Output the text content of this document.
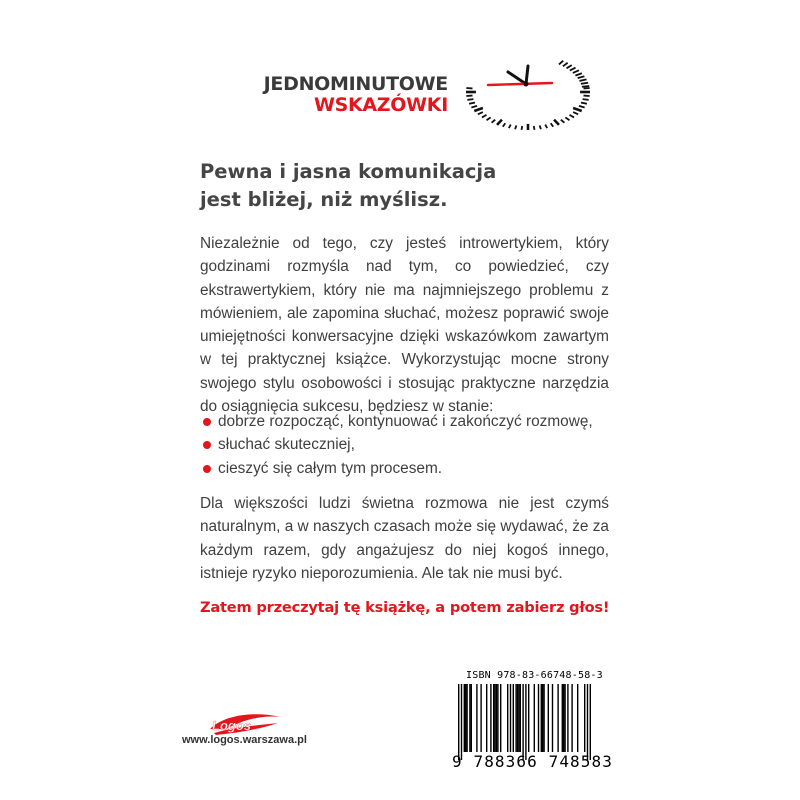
JEDNOMINUTOWE
WSKAZÓWKI
Pewna i jasna komunikacja
jest bliżej, niż myślisz.

Niezależnie od tego, czy jesteś introwertykiem, który godzinami rozmyśla nad tym, co powiedzieć, czy ekstrawertykiem, który nie ma najmniejszego problemu z mówieniem, ale zapomina słuchać, możesz poprawić swoje umiejętności konwersacyjne dzięki wskazówkom zawartym w tej praktycznej książce. Wykorzystując mocne strony swojego stylu osobowości i stosując praktyczne narzędzia do osiągnięcia sukcesu, będziesz w stanie:

dobrze rozpocząć, kontynuować i zakończyć rozmowę,
słuchać skuteczniej,
cieszyć się całym tym procesem.

Dla większości ludzi świetna rozmowa nie jest czymś naturalnym, a w naszych czasach może się wydawać, że za każdym razem, gdy angażujesz do niej kogoś innego, istnieje ryzyko nieporozumienia. Ale tak nie musi być.

Zatem przeczytaj tę książkę, a potem zabierz głos!
Logos
www.logos.warszawa.pl
ISBN 978-83-66748-58-3
9 788366 748583
